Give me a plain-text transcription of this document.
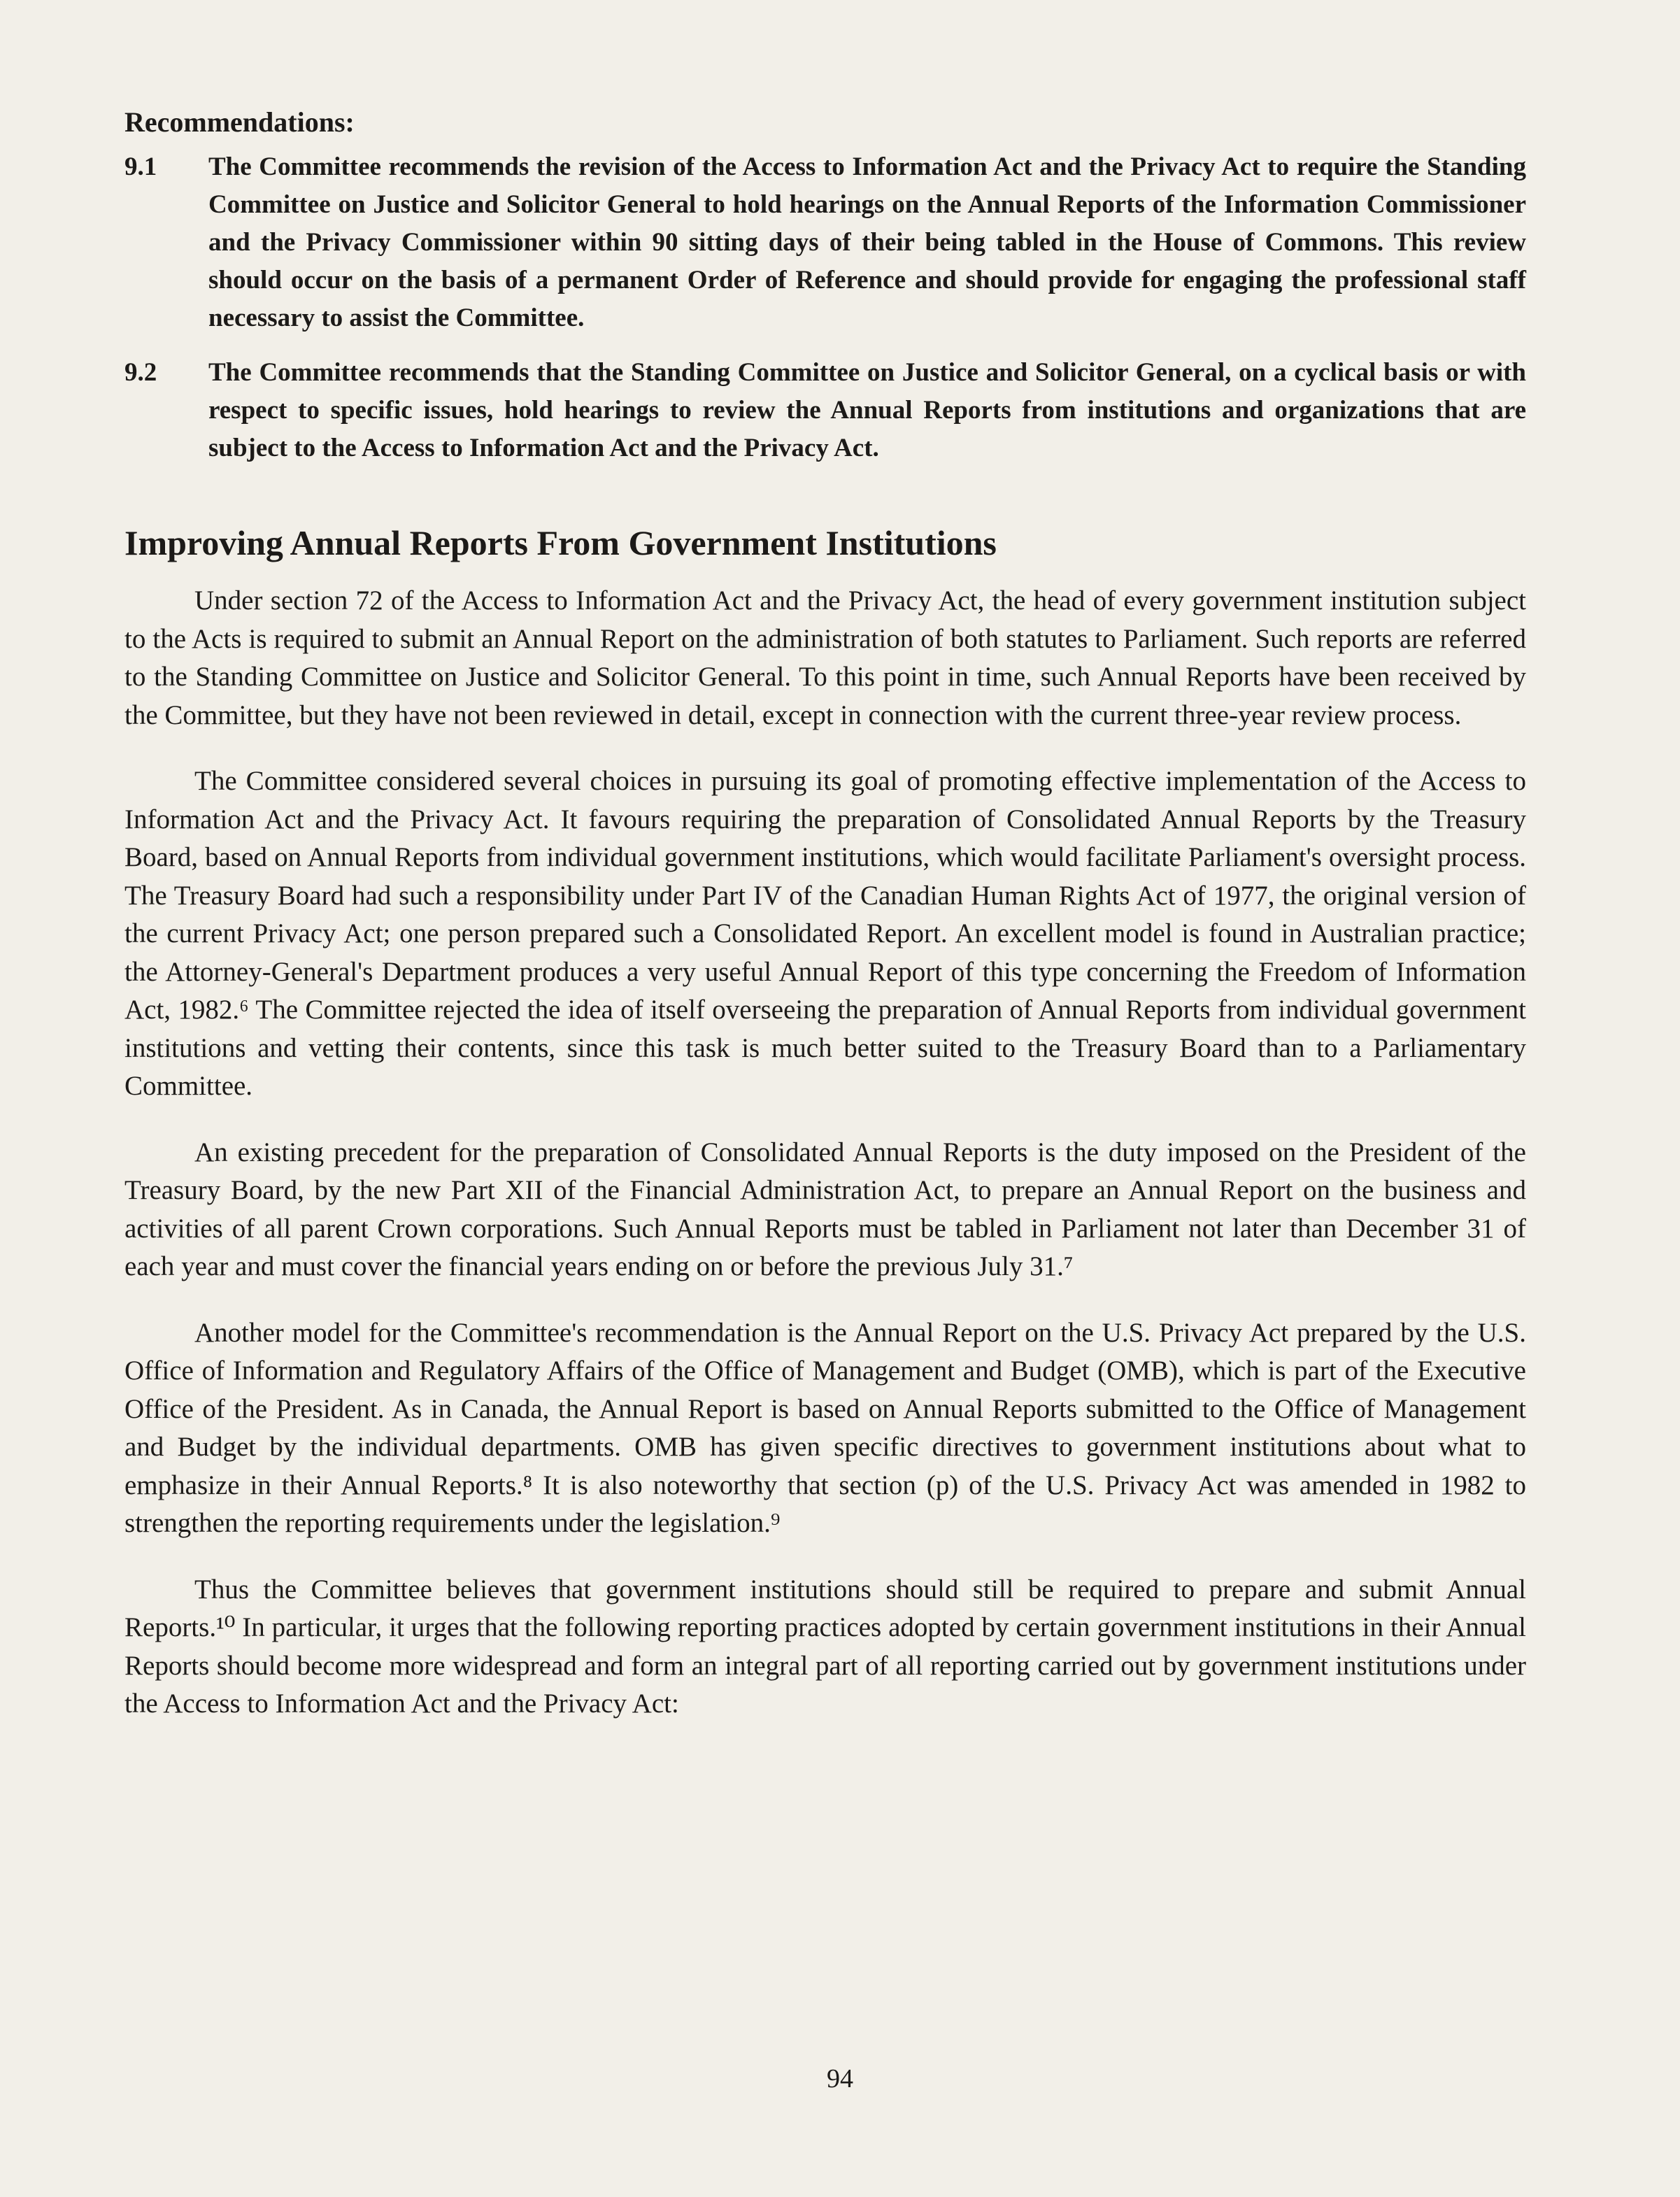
Recommendations:
9.1	The Committee recommends the revision of the Access to Information Act and the Privacy Act to require the Standing Committee on Justice and Solicitor General to hold hearings on the Annual Reports of the Information Commissioner and the Privacy Commissioner within 90 sitting days of their being tabled in the House of Commons. This review should occur on the basis of a permanent Order of Reference and should provide for engaging the professional staff necessary to assist the Committee.
9.2	The Committee recommends that the Standing Committee on Justice and Solicitor General, on a cyclical basis or with respect to specific issues, hold hearings to review the Annual Reports from institutions and organizations that are subject to the Access to Information Act and the Privacy Act.
Improving Annual Reports From Government Institutions

Under section 72 of the Access to Information Act and the Privacy Act, the head of every government institution subject to the Acts is required to submit an Annual Report on the administration of both statutes to Parliament. Such reports are referred to the Standing Committee on Justice and Solicitor General. To this point in time, such Annual Reports have been received by the Committee, but they have not been reviewed in detail, except in connection with the current three-year review process.

The Committee considered several choices in pursuing its goal of promoting effective implementation of the Access to Information Act and the Privacy Act. It favours requiring the preparation of Consolidated Annual Reports by the Treasury Board, based on Annual Reports from individual government institutions, which would facilitate Parliament's oversight process. The Treasury Board had such a responsibility under Part IV of the Canadian Human Rights Act of 1977, the original version of the current Privacy Act; one person prepared such a Consolidated Report. An excellent model is found in Australian practice; the Attorney-General's Department produces a very useful Annual Report of this type concerning the Freedom of Information Act, 1982.⁶ The Committee rejected the idea of itself overseeing the preparation of Annual Reports from individual government institutions and vetting their contents, since this task is much better suited to the Treasury Board than to a Parliamentary Committee.

An existing precedent for the preparation of Consolidated Annual Reports is the duty imposed on the President of the Treasury Board, by the new Part XII of the Financial Administration Act, to prepare an Annual Report on the business and activities of all parent Crown corporations. Such Annual Reports must be tabled in Parliament not later than December 31 of each year and must cover the financial years ending on or before the previous July 31.⁷

Another model for the Committee's recommendation is the Annual Report on the U.S. Privacy Act prepared by the U.S. Office of Information and Regulatory Affairs of the Office of Management and Budget (OMB), which is part of the Executive Office of the President. As in Canada, the Annual Report is based on Annual Reports submitted to the Office of Management and Budget by the individual departments. OMB has given specific directives to government institutions about what to emphasize in their Annual Reports.⁸ It is also noteworthy that section (p) of the U.S. Privacy Act was amended in 1982 to strengthen the reporting requirements under the legislation.⁹

Thus the Committee believes that government institutions should still be required to prepare and submit Annual Reports.¹⁰ In particular, it urges that the following reporting practices adopted by certain government institutions in their Annual Reports should become more widespread and form an integral part of all reporting carried out by government institutions under the Access to Information Act and the Privacy Act:

94
